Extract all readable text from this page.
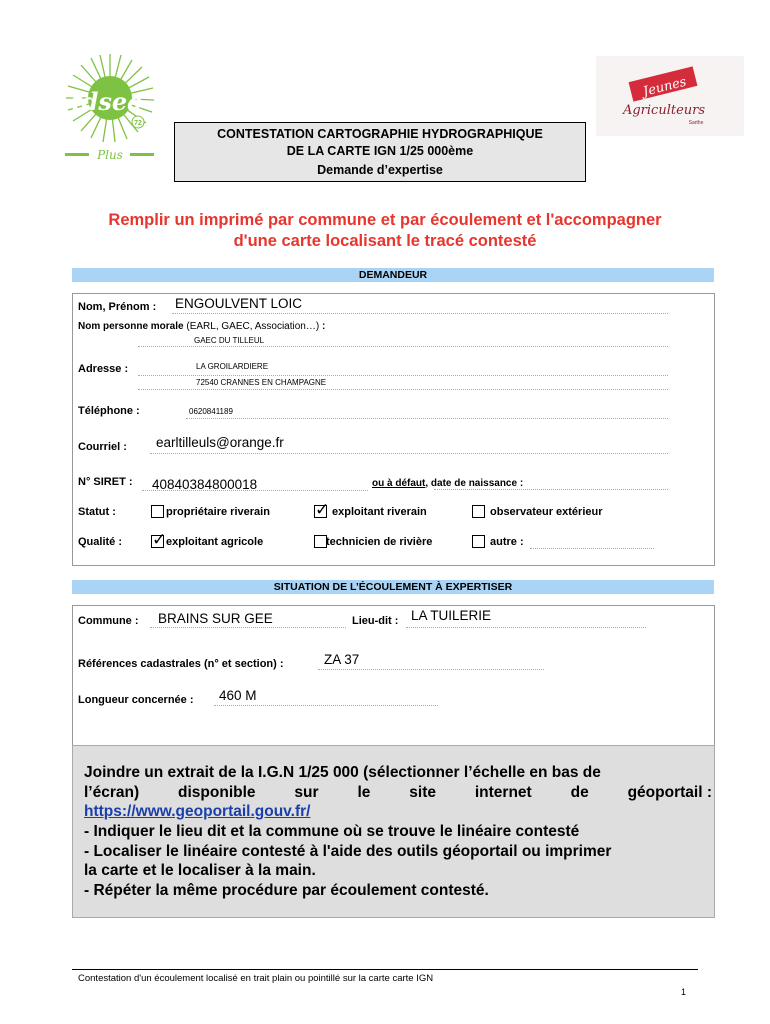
fdsea
72
Plus
Jeunes
Agriculteurs
Sarthe
CONTESTATION CARTOGRAPHIE HYDROGRAPHIQUE
DE LA CARTE IGN 1/25 000ème
Demande d’expertise
Remplir un imprimé par commune et par écoulement et l'accompagner
d'une carte localisant le tracé contesté
DEMANDEUR
Nom, Prénom : ENGOULVENT LOIC
Nom personne morale (EARL, GAEC, Association…) :
GAEC DU TILLEUL
Adresse :	LA GROILARDIERE
72540 CRANNES EN CHAMPAGNE
Téléphone :	0620841189
Courriel : earltilleuls@orange.fr
N° SIRET : 40840384800018	ou à défaut, date de naissance :
Statut :	propriétaire riverain	✓ exploitant riverain	observateur extérieur
Qualité : ✓ exploitant agricole	technicien de rivière	autre :
SITUATION DE L’ÉCOULEMENT À EXPERTISER
Commune : BRAINS SUR GEE	Lieu-dit : LA TUILERIE
Références cadastrales (n° et section) :	ZA 37
Longueur concernée : 460 M
Joindre un extrait de la I.G.N 1/25 000 (sélectionner l’échelle en bas de
l’écran)	disponible	sur	le	site	internet	de	géoportail :
https://www.geoportail.gouv.fr/
- Indiquer le lieu dit et la commune où se trouve le linéaire contesté
- Localiser le linéaire contesté à l'aide des outils géoportail ou imprimer
la carte et le localiser à la main.
- Répéter la même procédure par écoulement contesté.
Contestation d'un écoulement localisé en trait plain ou pointillé sur la carte carte IGN
1
